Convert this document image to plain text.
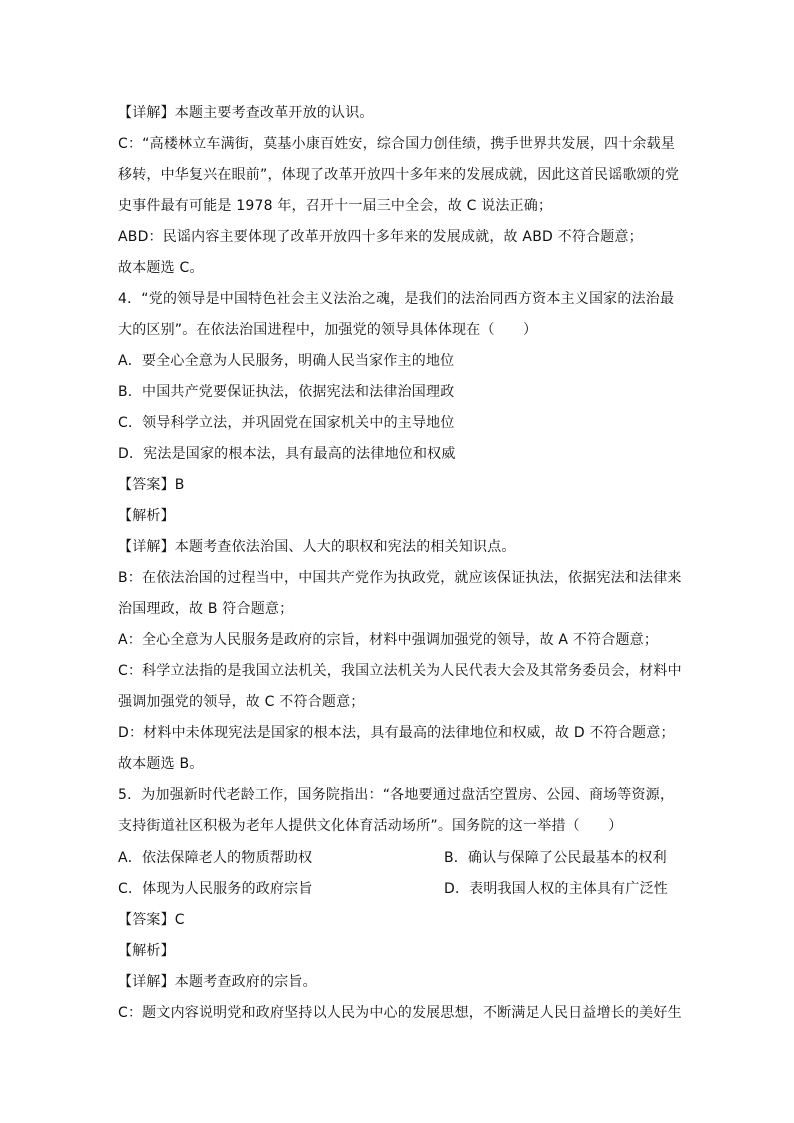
【详解】本题主要考查改革开放的认识。
C：“高楼林立车满街，莫基小康百姓安，综合国力创佳绩，携手世界共发展，四十余载星
移转，中华复兴在眼前”，体现了改革开放四十多年来的发展成就，因此这首民谣歌颂的党
史事件最有可能是 1978 年，召开十一届三中全会，故 C 说法正确；
ABD：民谣内容主要体现了改革开放四十多年来的发展成就，故 ABD 不符合题意；
故本题选 C。
4．“党的领导是中国特色社会主义法治之魂，是我们的法治同西方资本主义国家的法治最
大的区别”。在依法治国进程中，加强党的领导具体体现在（　　）
A．要全心全意为人民服务，明确人民当家作主的地位
B．中国共产党要保证执法，依据宪法和法律治国理政
C．领导科学立法，并巩固党在国家机关中的主导地位
D．宪法是国家的根本法，具有最高的法律地位和权威
【答案】B
【解析】
【详解】本题考查依法治国、人大的职权和宪法的相关知识点。
B：在依法治国的过程当中，中国共产党作为执政党，就应该保证执法，依据宪法和法律来
治国理政，故 B 符合题意；
A：全心全意为人民服务是政府的宗旨，材料中强调加强党的领导，故 A 不符合题意；
C：科学立法指的是我国立法机关，我国立法机关为人民代表大会及其常务委员会，材料中
强调加强党的领导，故 C 不符合题意；
D：材料中未体现宪法是国家的根本法，具有最高的法律地位和权威，故 D 不符合题意；
故本题选 B。
5．为加强新时代老龄工作，国务院指出：“各地要通过盘活空置房、公园、商场等资源，
支持街道社区积极为老年人提供文化体育活动场所”。国务院的这一举措（　　）
A．依法保障老人的物质帮助权	B．确认与保障了公民最基本的权利
C．体现为人民服务的政府宗旨	D．表明我国人权的主体具有广泛性
【答案】C
【解析】
【详解】本题考查政府的宗旨。
C：题文内容说明党和政府坚持以人民为中心的发展思想，不断满足人民日益增长的美好生
